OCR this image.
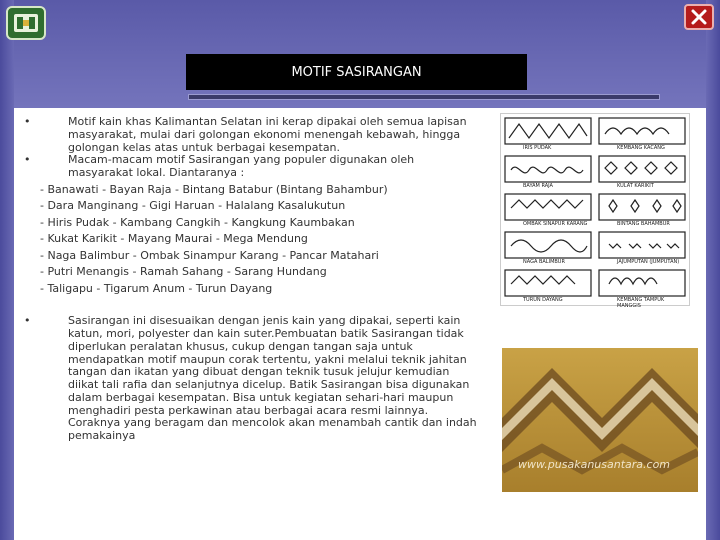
MOTIF SASIRANGAN

•	Motif kain khas Kalimantan Selatan ini kerap dipakai oleh semua lapisan masyarakat, mulai dari golongan ekonomi menengah kebawah, hingga golongan kelas atas untuk berbagai kesempatan.

•	Macam-macam motif Sasirangan yang populer digunakan oleh masyarakat lokal. Diantaranya :

- Banawati - Bayan Raja - Bintang Batabur (Bintang Bahambur)

- Dara Manginang - Gigi Haruan - Halalang Kasalukutun

- Hiris Pudak - Kambang Cangkih - Kangkung Kaumbakan

- Kukat Karikit - Mayang Maurai - Mega Mendung

- Naga Balimbur - Ombak Sinampur Karang - Pancar Matahari

- Putri Menangis - Ramah Sahang - Sarang Hundang

- Taligapu - Tigarum Anum - Turun Dayang

•	Sasirangan ini disesuaikan dengan jenis kain yang dipakai, seperti kain katun, mori, polyester dan kain suter.Pembuatan batik Sasirangan tidak diperlukan peralatan khusus, cukup dengan tangan saja untuk mendapatkan motif maupun corak tertentu, yakni melalui teknik jahitan tangan dan ikatan yang dibuat dengan teknik tusuk jelujur kemudian diikat tali rafia dan selanjutnya dicelup. Batik Sasirangan bisa digunakan dalam berbagai kesempatan. Bisa untuk kegiatan sehari-hari maupun menghadiri pesta perkawinan atau berbagai acara resmi lainnya. Coraknya yang beragam dan mencolok akan menambah cantik dan indah pemakainya

IRIS PUDAK	KEMBANG KACANG
BAYAM RAJA	KULAT KARIKIT
OMBAK SINAPUR KARANG	BINTANG BAHAMBUR
NAGA BALIMBUR	JAJUMPUTAN (JUMPUTAN)
TURUN DAYANG	KEMBANG TAMPUK MANGGIS
www.pusakanusantara.com
